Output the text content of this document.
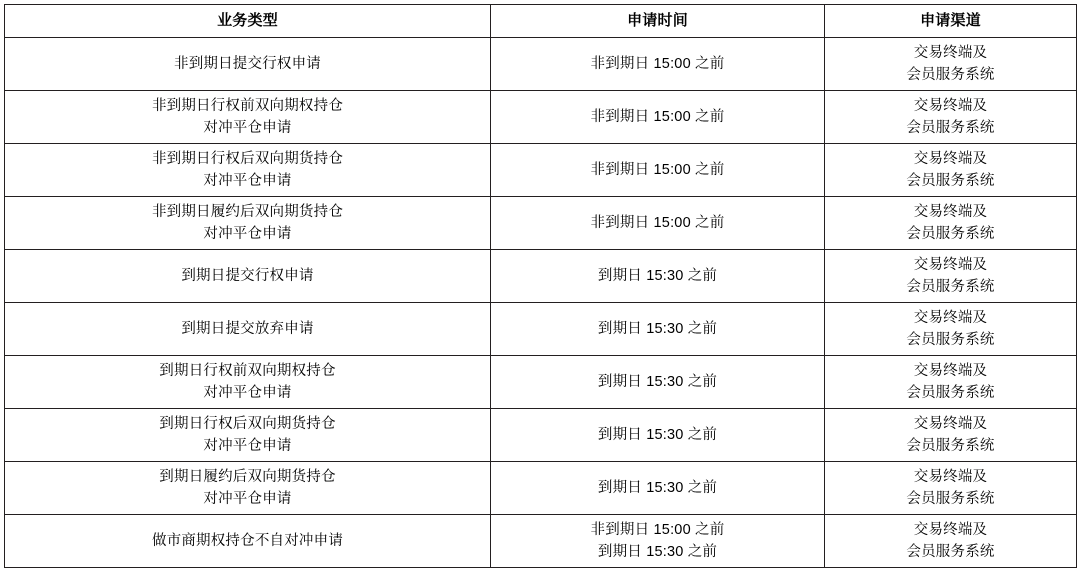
业务类型	申请时间	申请渠道

非到期日提交行权申请	非到期日 15:00 之前	交易终端及
会员服务系统

非到期日行权前双向期权持仓
对冲平仓申请	非到期日 15:00 之前	交易终端及
会员服务系统

非到期日行权后双向期货持仓
对冲平仓申请	非到期日 15:00 之前	交易终端及
会员服务系统

非到期日履约后双向期货持仓
对冲平仓申请	非到期日 15:00 之前	交易终端及
会员服务系统

到期日提交行权申请	到期日 15:30 之前	交易终端及
会员服务系统

到期日提交放弃申请	到期日 15:30 之前	交易终端及
会员服务系统

到期日行权前双向期权持仓
对冲平仓申请	到期日 15:30 之前	交易终端及
会员服务系统

到期日行权后双向期货持仓
对冲平仓申请	到期日 15:30 之前	交易终端及
会员服务系统

到期日履约后双向期货持仓
对冲平仓申请	到期日 15:30 之前	交易终端及
会员服务系统

做市商期权持仓不自对冲申请	非到期日 15:00 之前
到期日 15:30 之前	交易终端及
会员服务系统
